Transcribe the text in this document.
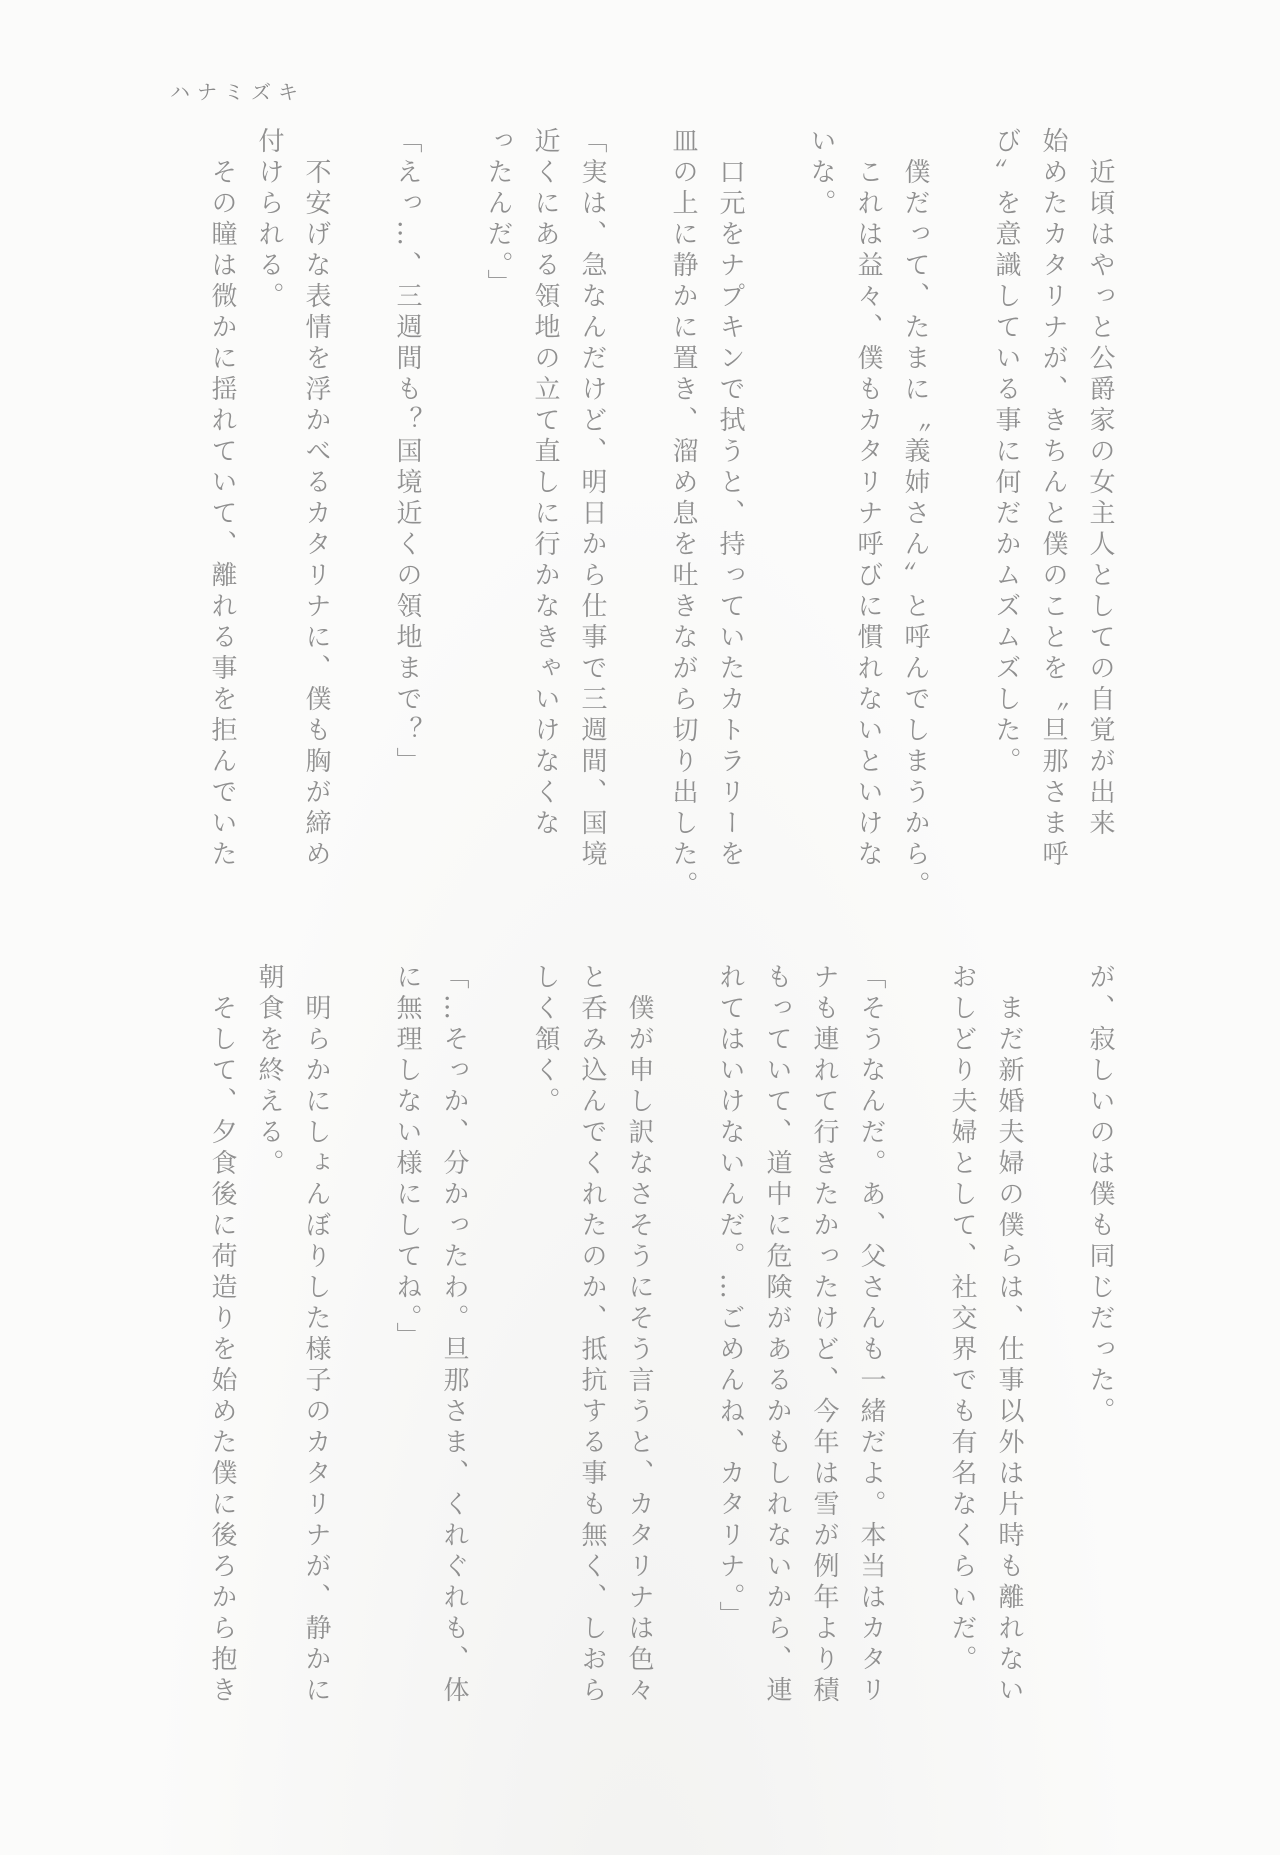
ハナミズキ

近頃はやっと公爵家の女主人としての自覚が出来
始めたカタリナが、きちんと僕のことを〝旦那さま呼
び〟を意識している事に何だかムズムズした。

僕だって、たまに〝義姉さん〟と呼んでしまうから。

これは益々、僕もカタリナ呼びに慣れないといけな
いな。

口元をナプキンで拭うと、持っていたカトラリーを
皿の上に静かに置き、溜め息を吐きながら切り出した。

「実は、急なんだけど、明日から仕事で三週間、国境
近くにある領地の立て直しに行かなきゃいけなくな
ったんだ。」

「えっ…、三週間も？国境近くの領地まで？」

不安げな表情を浮かべるカタリナに、僕も胸が締め
付けられる。

その瞳は微かに揺れていて、離れる事を拒んでいた

が、寂しいのは僕も同じだった。

まだ新婚夫婦の僕らは、仕事以外は片時も離れない
おしどり夫婦として、社交界でも有名なくらいだ。

「そうなんだ。あ、父さんも一緒だよ。本当はカタリ
ナも連れて行きたかったけど、今年は雪が例年より積
もっていて、道中に危険があるかもしれないから、連
れてはいけないんだ。…ごめんね、カタリナ。」

僕が申し訳なさそうにそう言うと、カタリナは色々
と呑み込んでくれたのか、抵抗する事も無く、しおら
しく頷く。

「…そっか、分かったわ。旦那さま、くれぐれも、体
に無理しない様にしてね。」

明らかにしょんぼりした様子のカタリナが、静かに
朝食を終える。

そして、夕食後に荷造りを始めた僕に後ろから抱き
